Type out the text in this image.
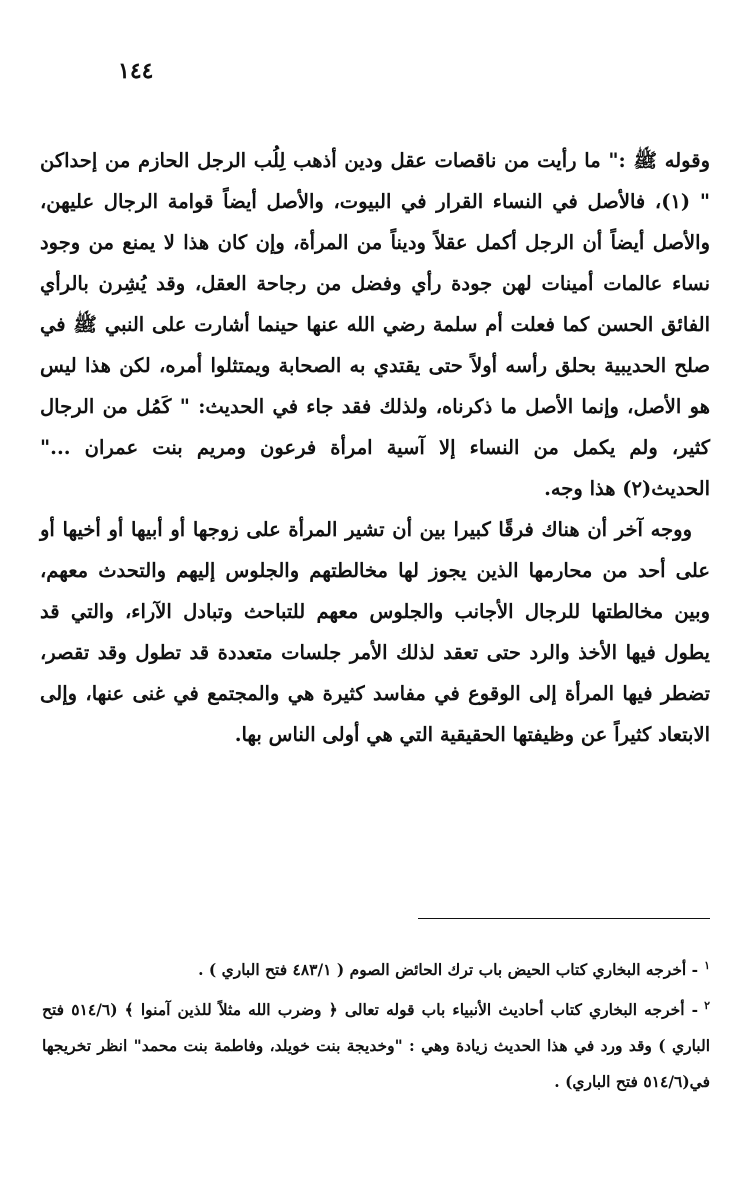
١٤٤

وقوله ﷺ :" ما رأيت من ناقصات عقل ودين أذهب لِلُب الرجل الحازم من إحداكن " (١)، فالأصل في النساء القرار في البيوت، والأصل أيضاً قوامة الرجال عليهن، والأصل أيضاً أن الرجل أكمل عقلاً وديناً من المرأة، وإن كان هذا لا يمنع من وجود نساء عالمات أمينات لهن جودة رأي وفضل من رجاحة العقل، وقد يُشِرن بالرأي الفائق الحسن كما فعلت أم سلمة رضي الله عنها حينما أشارت على النبي ﷺ في صلح الحديبية بحلق رأسه أولاً حتى يقتدي به الصحابة ويمتثلوا أمره، لكن هذا ليس هو الأصل، وإنما الأصل ما ذكرناه، ولذلك فقد جاء في الحديث: " كَمُل من الرجال كثير، ولم يكمل من النساء إلا آسية امرأة فرعون ومريم بنت عمران ..." الحديث(٢) هذا وجه.

ووجه آخر أن هناك فرقًا كبيرا بين أن تشير المرأة على زوجها أو أبيها أو أخيها أو على أحد من محارمها الذين يجوز لها مخالطتهم والجلوس إليهم والتحدث معهم، وبين مخالطتها للرجال الأجانب والجلوس معهم للتباحث وتبادل الآراء، والتي قد يطول فيها الأخذ والرد حتى تعقد لذلك الأمر جلسات متعددة قد تطول وقد تقصر، تضطر فيها المرأة إلى الوقوع في مفاسد كثيرة هي والمجتمع في غنى عنها، وإلى الابتعاد كثيراً عن وظيفتها الحقيقية التي هي أولى الناس بها.

$^١$- أخرجه البخاري كتاب الحيض باب ترك الحائض الصوم ( ٤٨٣/١ فتح الباري ) .

$^٢$- أخرجه البخاري كتاب أحاديث الأنبياء باب قوله تعالى ﴿ وضرب الله مثلاً للذين آمنوا ﴾ (٥١٤/٦ فتح الباري ) وقد ورد في هذا الحديث زيادة وهي : "وخديجة بنت خويلد، وفاطمة بنت محمد" انظر تخريجها في(٥١٤/٦ فتح الباري) .
